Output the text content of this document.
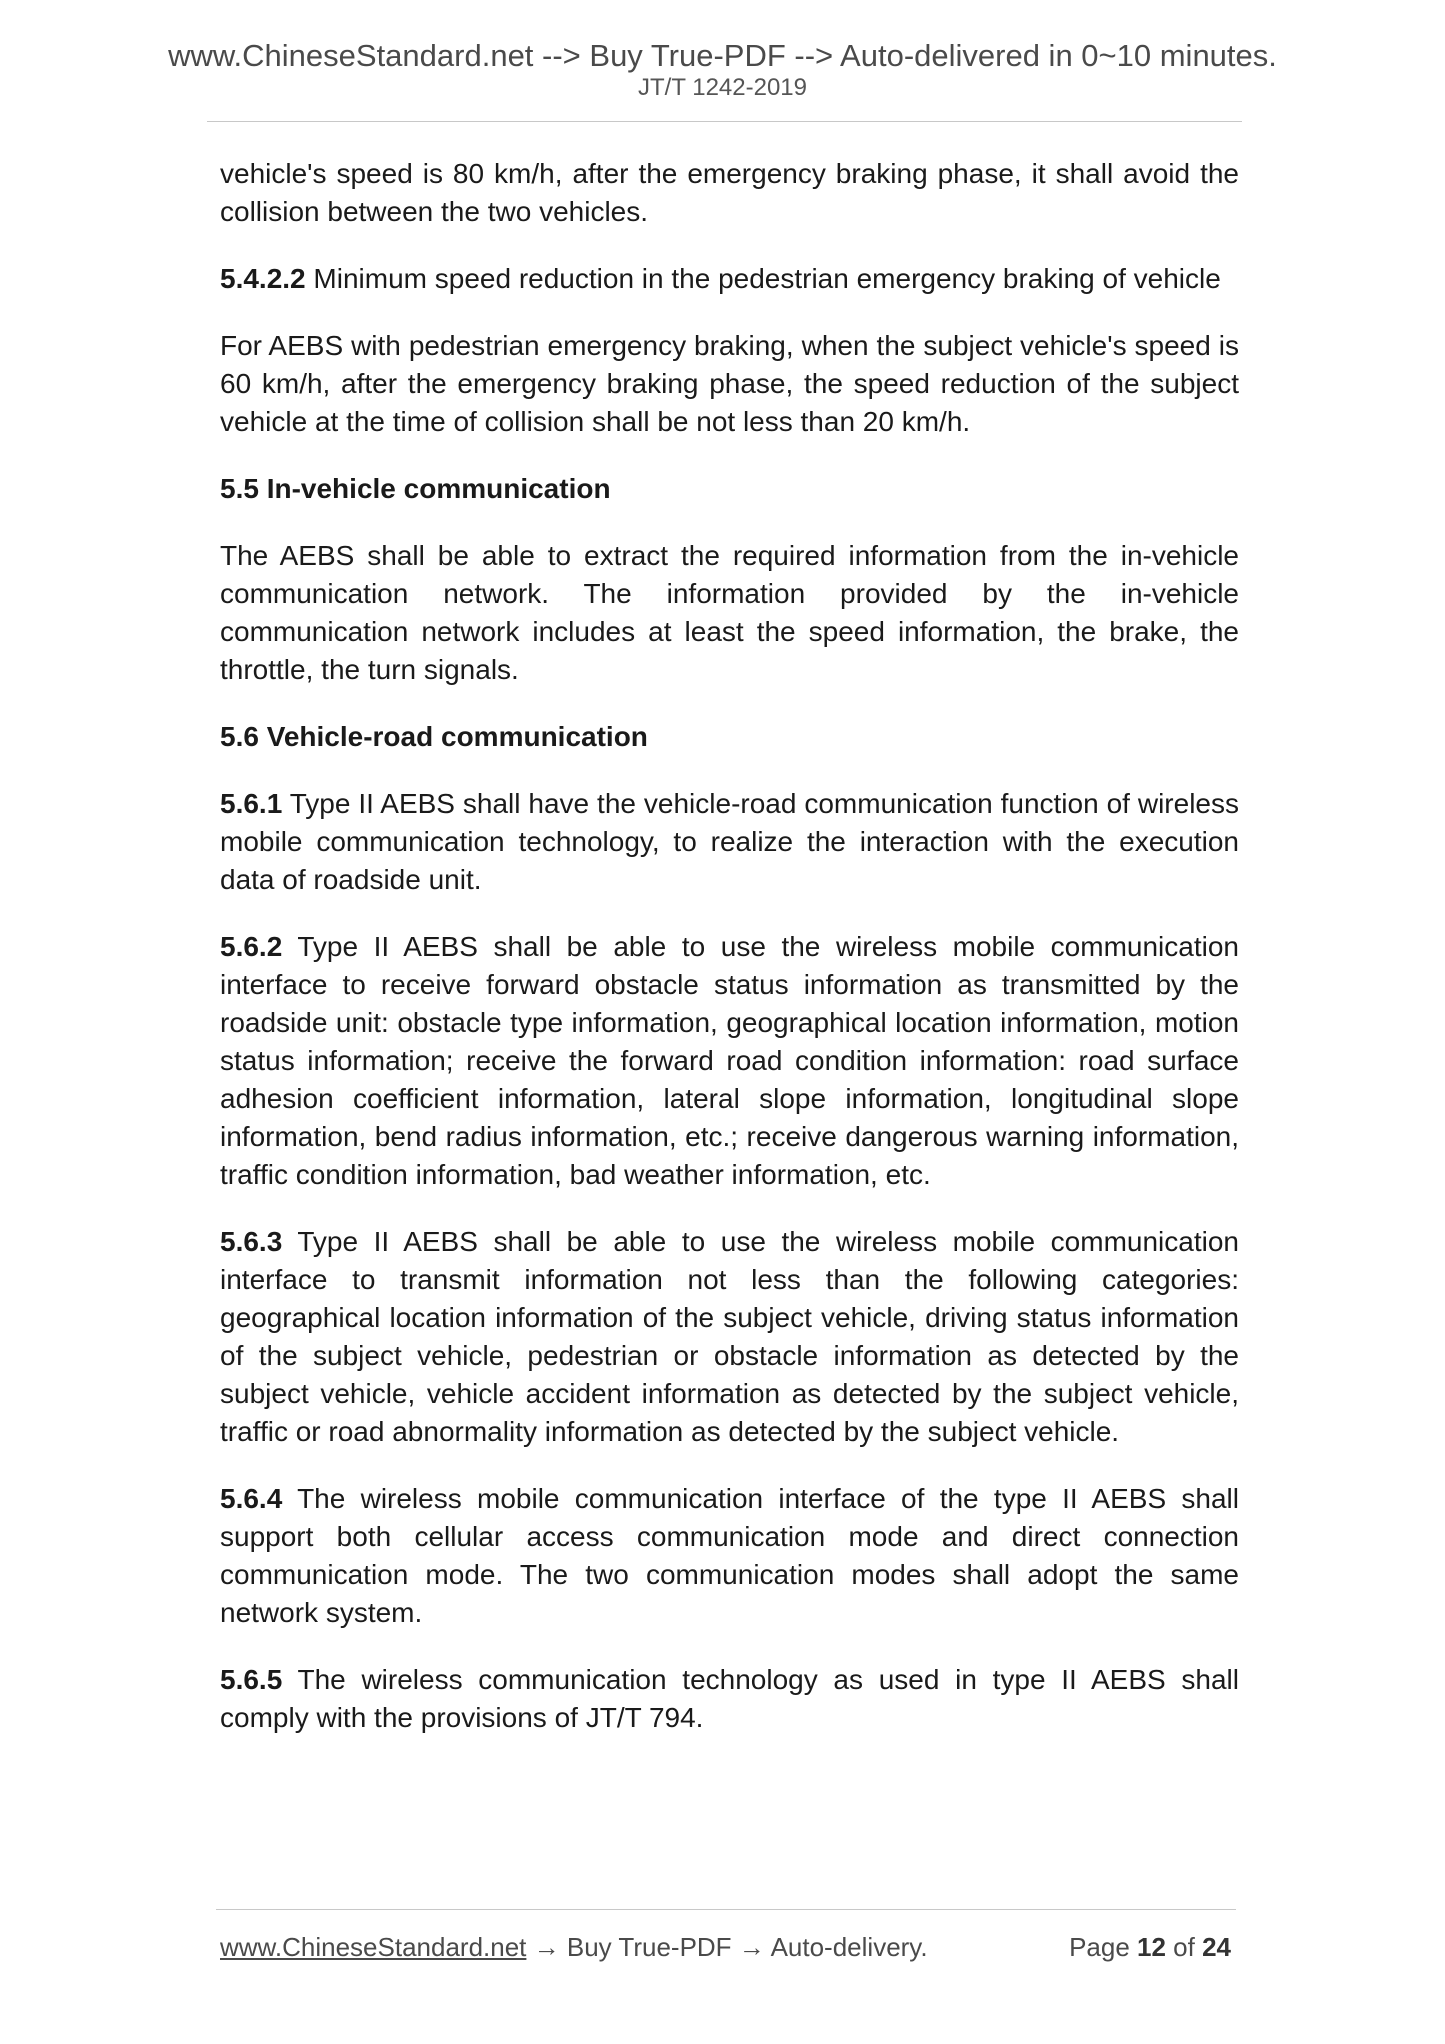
www.ChineseStandard.net --> Buy True-PDF --> Auto-delivered in 0~10 minutes.
JT/T 1242-2019

vehicle's speed is 80 km/h, after the emergency braking phase, it shall avoid the collision between the two vehicles.

5.4.2.2 Minimum speed reduction in the pedestrian emergency braking of vehicle

For AEBS with pedestrian emergency braking, when the subject vehicle's speed is 60 km/h, after the emergency braking phase, the speed reduction of the subject vehicle at the time of collision shall be not less than 20 km/h.

5.5 In-vehicle communication

The AEBS shall be able to extract the required information from the in-vehicle communication network. The information provided by the in-vehicle communication network includes at least the speed information, the brake, the throttle, the turn signals.

5.6 Vehicle-road communication

5.6.1 Type II AEBS shall have the vehicle-road communication function of wireless mobile communication technology, to realize the interaction with the execution data of roadside unit.

5.6.2 Type II AEBS shall be able to use the wireless mobile communication interface to receive forward obstacle status information as transmitted by the roadside unit: obstacle type information, geographical location information, motion status information; receive the forward road condition information: road surface adhesion coefficient information, lateral slope information, longitudinal slope information, bend radius information, etc.; receive dangerous warning information, traffic condition information, bad weather information, etc.

5.6.3 Type II AEBS shall be able to use the wireless mobile communication interface to transmit information not less than the following categories: geographical location information of the subject vehicle, driving status information of the subject vehicle, pedestrian or obstacle information as detected by the subject vehicle, vehicle accident information as detected by the subject vehicle, traffic or road abnormality information as detected by the subject vehicle.

5.6.4 The wireless mobile communication interface of the type II AEBS shall support both cellular access communication mode and direct connection communication mode. The two communication modes shall adopt the same network system.

5.6.5 The wireless communication technology as used in type II AEBS shall comply with the provisions of JT/T 794.

www.ChineseStandard.net → Buy True-PDF → Auto-delivery.	Page 12 of 24
